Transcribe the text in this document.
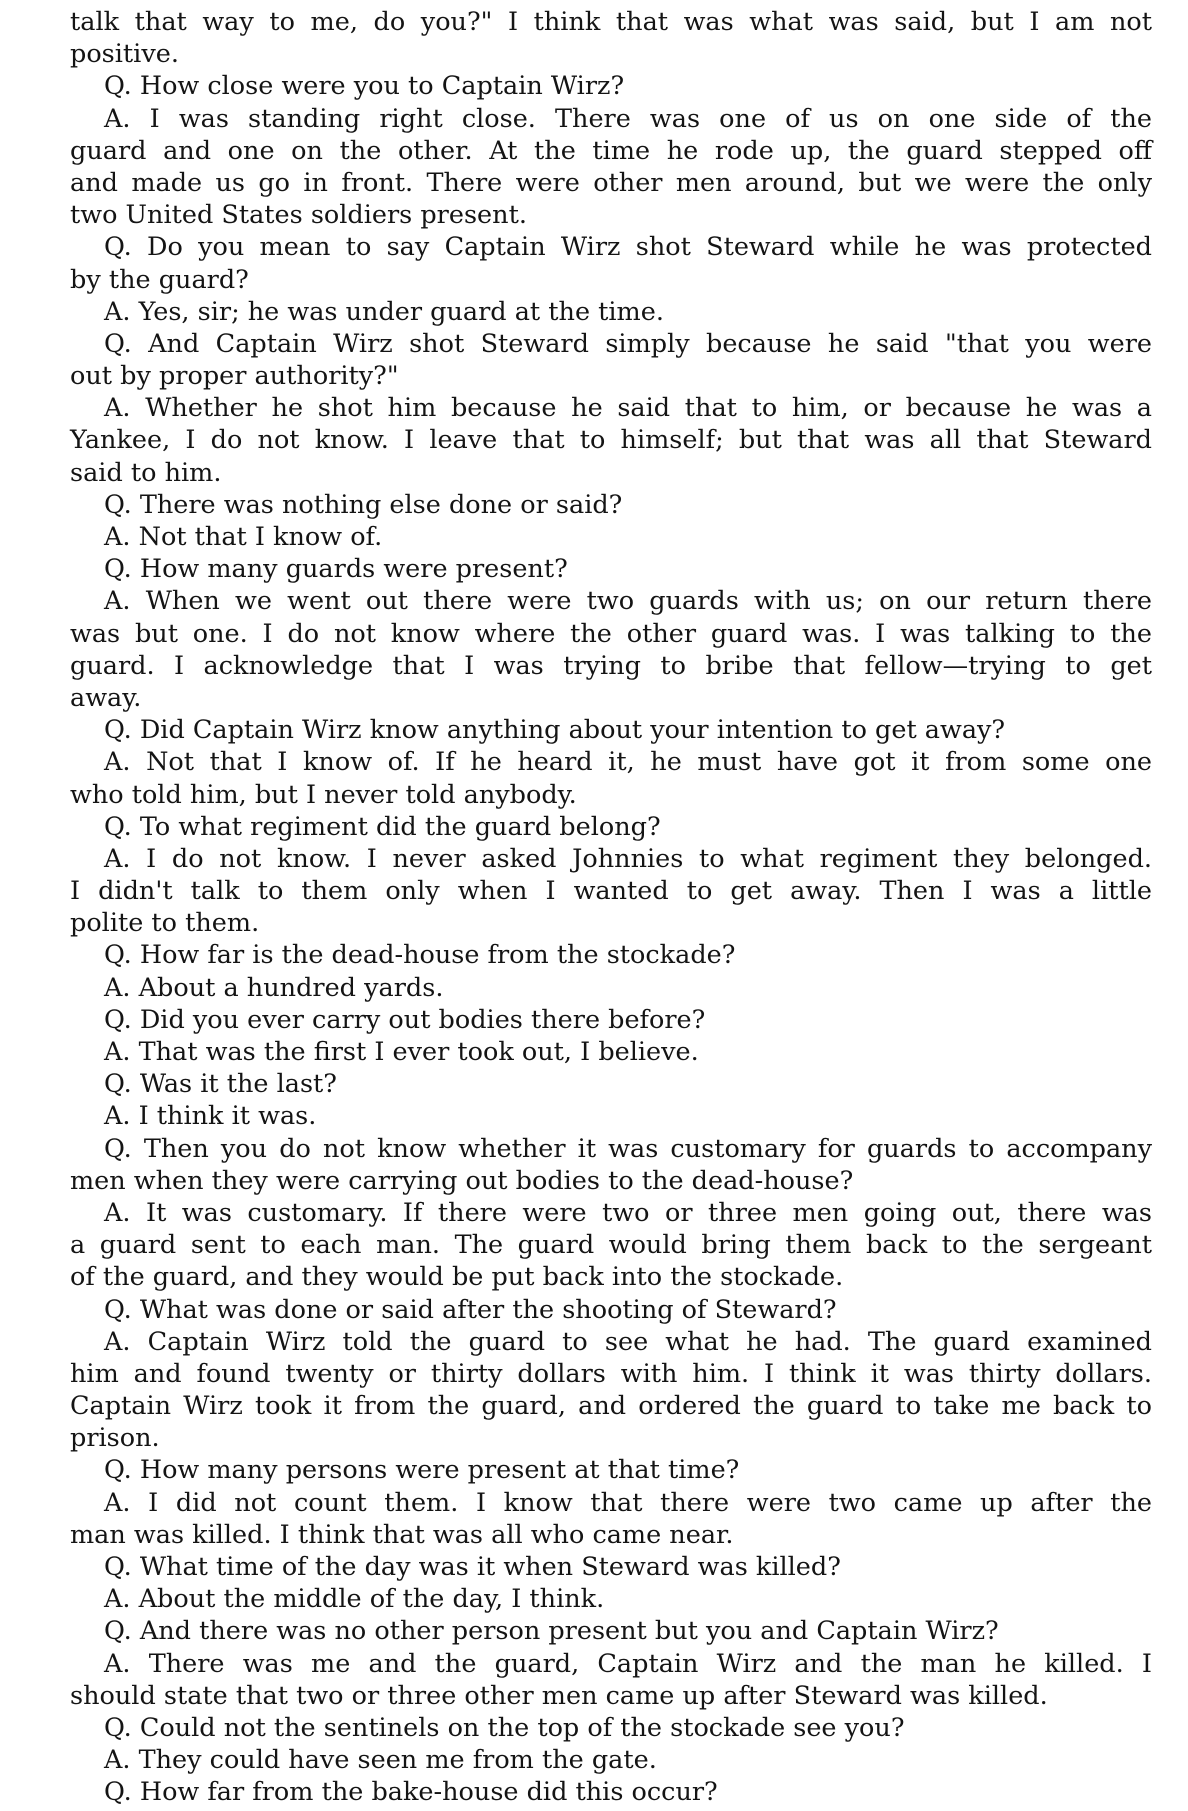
talk that way to me, do you?" I think that was what was said, but I am not
positive.
Q. How close were you to Captain Wirz?
A. I was standing right close. There was one of us on one side of the
guard and one on the other. At the time he rode up, the guard stepped off
and made us go in front. There were other men around, but we were the only
two United States soldiers present.
Q. Do you mean to say Captain Wirz shot Steward while he was protected
by the guard?
A. Yes, sir; he was under guard at the time.
Q. And Captain Wirz shot Steward simply because he said "that you were
out by proper authority?"
A. Whether he shot him because he said that to him, or because he was a
Yankee, I do not know. I leave that to himself; but that was all that Steward
said to him.
Q. There was nothing else done or said?
A. Not that I know of.
Q. How many guards were present?
A. When we went out there were two guards with us; on our return there
was but one. I do not know where the other guard was. I was talking to the
guard. I acknowledge that I was trying to bribe that fellow—trying to get
away.
Q. Did Captain Wirz know anything about your intention to get away?
A. Not that I know of. If he heard it, he must have got it from some one
who told him, but I never told anybody.
Q. To what regiment did the guard belong?
A. I do not know. I never asked Johnnies to what regiment they belonged.
I didn't talk to them only when I wanted to get away. Then I was a little
polite to them.
Q. How far is the dead-house from the stockade?
A. About a hundred yards.
Q. Did you ever carry out bodies there before?
A. That was the first I ever took out, I believe.
Q. Was it the last?
A. I think it was.
Q. Then you do not know whether it was customary for guards to accompany
men when they were carrying out bodies to the dead-house?
A. It was customary. If there were two or three men going out, there was
a guard sent to each man. The guard would bring them back to the sergeant
of the guard, and they would be put back into the stockade.
Q. What was done or said after the shooting of Steward?
A. Captain Wirz told the guard to see what he had. The guard examined
him and found twenty or thirty dollars with him. I think it was thirty dollars.
Captain Wirz took it from the guard, and ordered the guard to take me back to
prison.
Q. How many persons were present at that time?
A. I did not count them. I know that there were two came up after the
man was killed. I think that was all who came near.
Q. What time of the day was it when Steward was killed?
A. About the middle of the day, I think.
Q. And there was no other person present but you and Captain Wirz?
A. There was me and the guard, Captain Wirz and the man he killed. I
should state that two or three other men came up after Steward was killed.
Q. Could not the sentinels on the top of the stockade see you?
A. They could have seen me from the gate.
Q. How far from the bake-house did this occur?
